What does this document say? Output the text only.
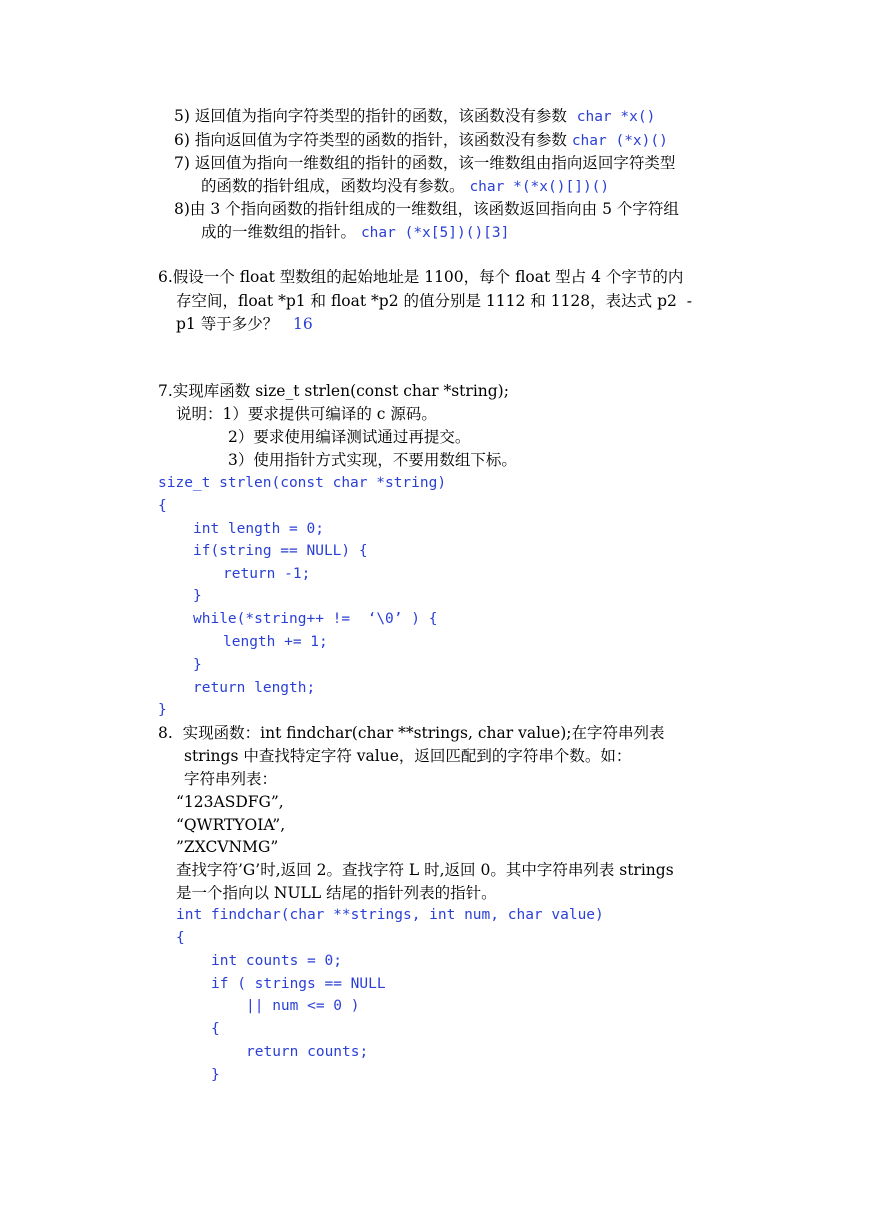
5) 返回值为指向字符类型的指针的函数，该函数没有参数 char *x()
6) 指向返回值为字符类型的函数的指针，该函数没有参数 char (*x)()
7) 返回值为指向一维数组的指针的函数，该一维数组由指向返回字符类型
的函数的指针组成，函数均没有参数。 char *(*x()[])()
8)由 3 个指向函数的指针组成的一维数组，该函数返回指向由 5 个字符组
成的一维数组的指针。 char (*x[5])()[3]
6.假设一个 float 型数组的起始地址是 1100，每个 float 型占 4 个字节的内
存空间，float *p1 和 float *p2 的值分别是 1112 和 1128，表达式 p2  -
p1 等于多少？ 16
7.实现库函数 size_t strlen(const char *string);
说明：1）要求提供可编译的 c 源码。
2）要求使用编译测试通过再提交。
3）使用指针方式实现，不要用数组下标。
size_t strlen(const char *string)
{
int length = 0;
if(string == NULL) {
return -1;
}
while(*string++ !=  ‘\0’ ) {
length += 1;
}
return length;
}
8.  实现函数：int findchar(char **strings, char value);在字符串列表
strings 中查找特定字符 value，返回匹配到的字符串个数。如：
字符串列表：
“123ASDFG”,
“QWRTYOIA”,
”ZXCVNMG”
查找字符’G’时,返回 2。查找字符 L 时,返回 0。其中字符串列表 strings
是一个指向以 NULL 结尾的指针列表的指针。
int findchar(char **strings, int num, char value)
{
int counts = 0;
if ( strings == NULL
|| num <= 0 )
{
return counts;
}
